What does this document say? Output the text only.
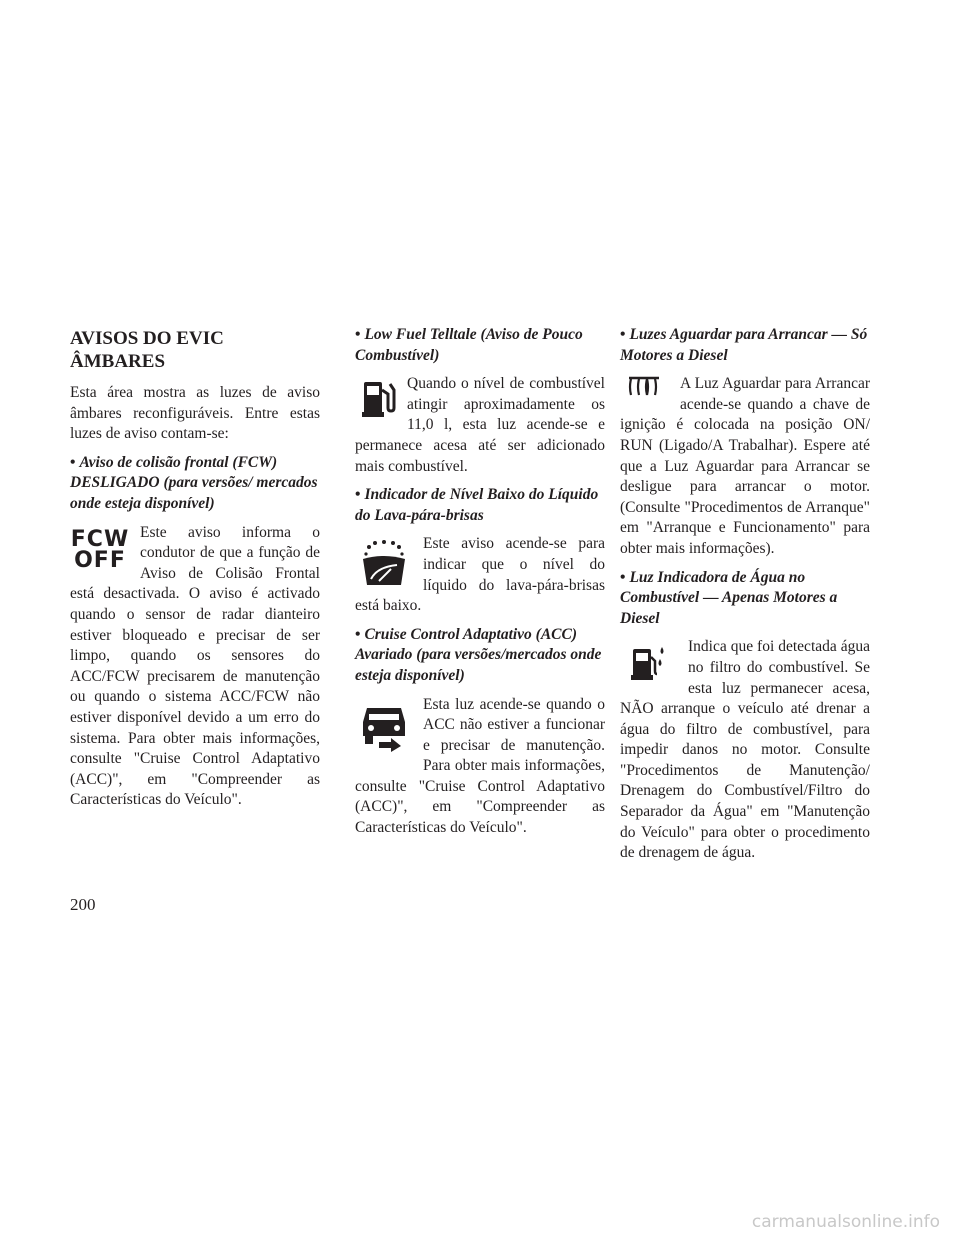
AVISOS DO EVIC ÂMBARES

Esta área mostra as luzes de aviso âmbares reconfiguráveis. Entre estas luzes de aviso contam-se:

• Aviso de colisão frontal (FCW) DESLIGADO (para versões/ mercados onde esteja disponível)
FCW
OFF

Este aviso informa o condutor de que a função de Aviso de Colisão Frontal está desactivada. O aviso é activado quando o sensor de radar dianteiro estiver bloqueado e precisar de ser limpo, quando os sensores do ACC/FCW precisarem de manutenção ou quando o sistema ACC/FCW não estiver disponível devido a um erro do sistema. Para obter mais informações, consulte "Cruise Control Adaptativo (ACC)", em "Compreender as Características do Veículo".

• Low Fuel Telltale (Aviso de Pouco Combustível)

Quando o nível de combustível atingir aproximadamente os 11,0 l, esta luz acende-se e permanece acesa até ser adicionado mais combustível.

• Indicador de Nível Baixo do Líquido do Lava-pára-brisas

Este aviso acende-se para indicar que o nível do líquido do lava-pára-brisas está baixo.

• Cruise Control Adaptativo (ACC) Avariado (para versões/mercados onde esteja disponível)

Esta luz acende-se quando o ACC não estiver a funcionar e precisar de manutenção. Para obter mais informações, consulte "Cruise Control Adaptativo (ACC)", em "Compreender as Características do Veículo".

• Luzes Aguardar para Arrancar — Só Motores a Diesel

A Luz Aguardar para Arrancar acende-se quando a chave de ignição é colocada na posição ON/ RUN (Ligado/A Trabalhar). Espere até que a Luz Aguardar para Arrancar se desligue para arrancar o motor. (Consulte "Procedimentos de Arranque" em "Arranque e Funcionamento" para obter mais informações).

• Luz Indicadora de Água no Combustível — Apenas Motores a Diesel

Indica que foi detectada água no filtro do combustível. Se esta luz permanecer acesa, NÃO arranque o veículo até drenar a água do filtro de combustível, para impedir danos no motor. Consulte "Procedimentos de Manutenção/ Drenagem do Combustível/Filtro do Separador da Água" em "Manutenção do Veículo" para obter o procedimento de drenagem de água.

200
carmanualsonline.info
